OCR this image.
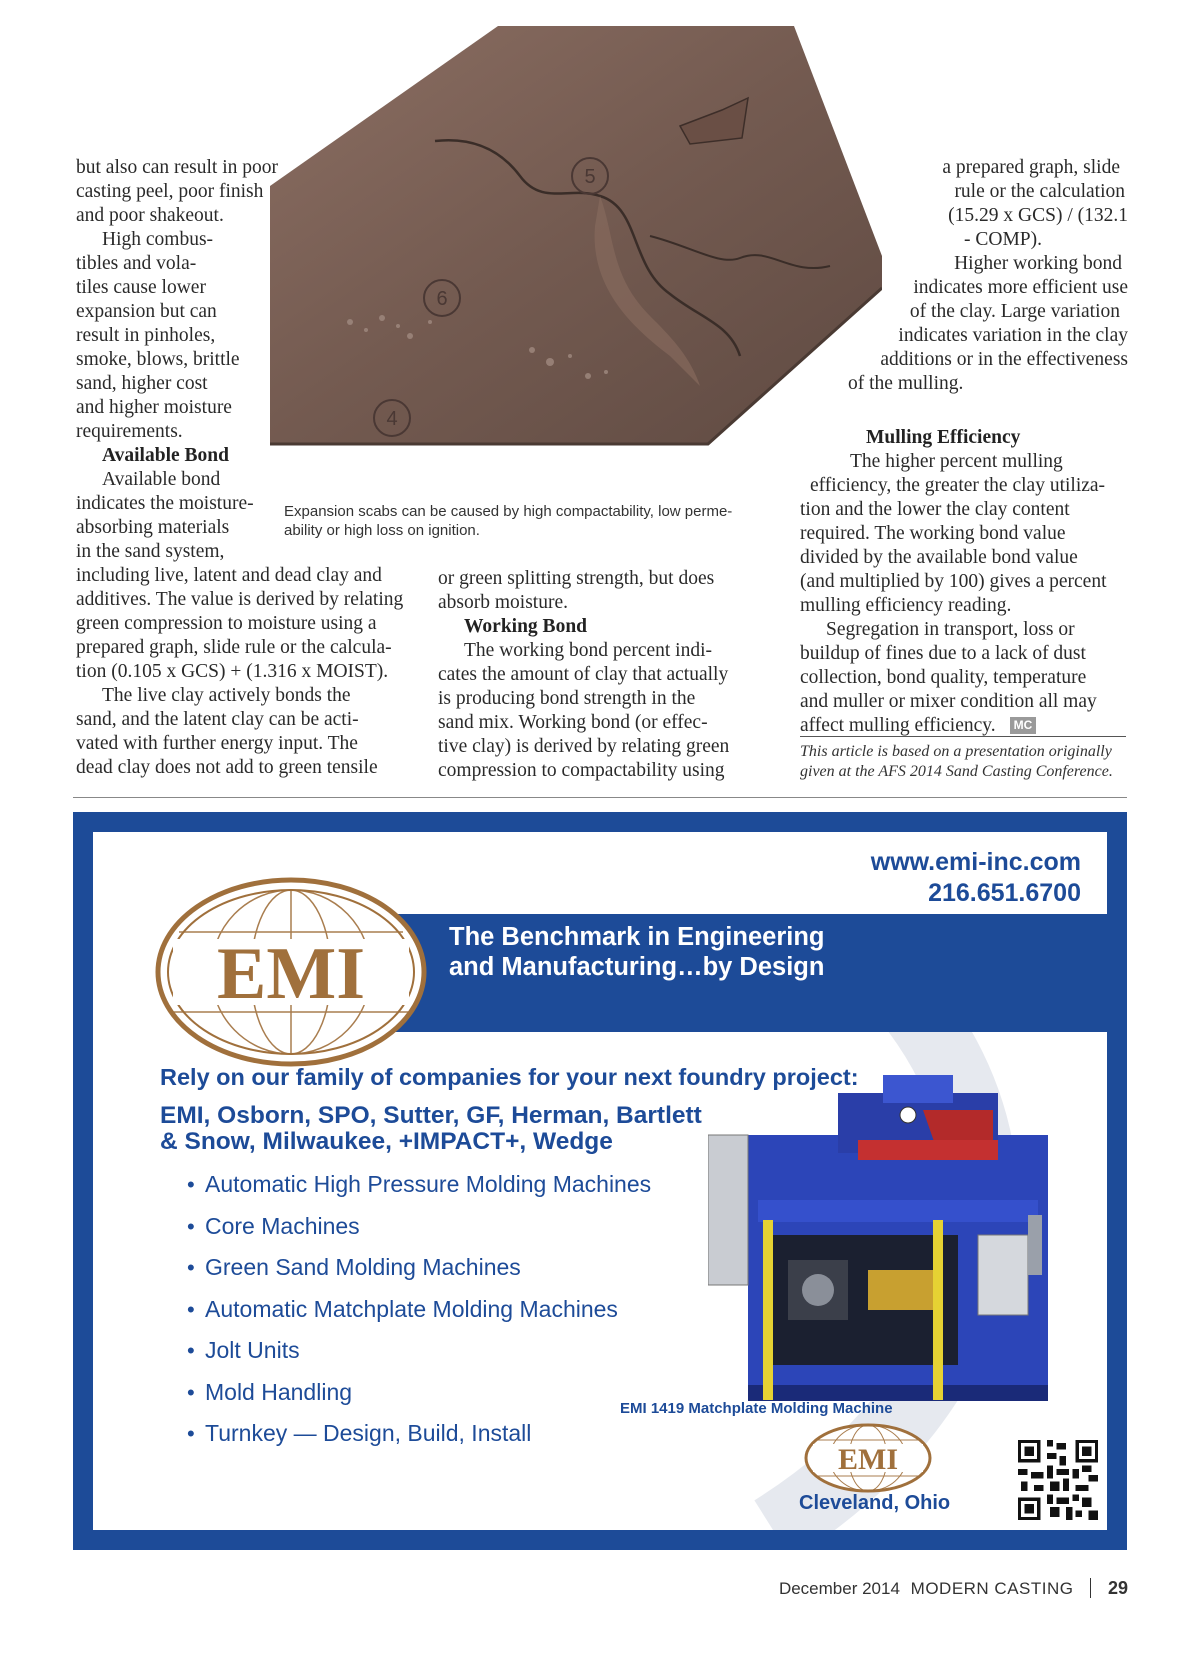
5
6
4

but also can result in poor
casting peel, poor finish
and poor shakeout.

High combus-
tibles and vola-
tiles cause lower
expansion but can
result in pinholes,
smoke, blows, brittle
sand, higher cost
and higher moisture
requirements.

Available Bond

Available bond
indicates the moisture-
absorbing materials
in the sand system,

Expansion scabs can be caused by high compactability, low perme-
ability or high loss on ignition.

including live, latent and dead clay and
additives. The value is derived by relating
green compression to moisture using a
prepared graph, slide rule or the calcula-
tion (0.105 x GCS) + (1.316 x MOIST).

The live clay actively bonds the
sand, and the latent clay can be acti-
vated with further energy input. The
dead clay does not add to green tensile

or green splitting strength, but does
absorb moisture.

Working Bond

The working bond percent indi-
cates the amount of clay that actually
is producing bond strength in the
sand mix. Working bond (or effec-
tive clay) is derived by relating green
compression to compactability using

a prepared graph, slide
rule or the calculation
(15.29 x GCS) / (132.1
- COMP).

Higher working bond
indicates more efficient use
of the clay. Large variation
indicates variation in the clay
additions or in the effectiveness
of the mulling.

Mulling Efficiency

The higher percent mulling
efficiency, the greater the clay utiliza-
tion and the lower the clay content
required. The working bond value
divided by the available bond value
(and multiplied by 100) gives a percent
mulling efficiency reading.

Segregation in transport, loss or
buildup of fines due to a lack of dust
collection, bond quality, temperature
and muller or mixer condition all may
affect mulling efficiency. MC

This article is based on a presentation originally
given at the AFS 2014 Sand Casting Conference.
The Benchmark in Engineering
and Manufacturing…by Design
EMI
www.emi-inc.com
216.651.6700
Rely on our family of companies for your next foundry project:
EMI, Osborn, SPO, Sutter, GF, Herman, Bartlett
& Snow, Milwaukee, +IMPACT+, Wedge
• Automatic High Pressure Molding Machines
• Core Machines
• Green Sand Molding Machines
• Automatic Matchplate Molding Machines
• Jolt Units
• Mold Handling
• Turnkey — Design, Build, Install
EMI 1419 Matchplate Molding Machine
EMI
Cleveland, Ohio
December 2014 MODERN CASTING 29
